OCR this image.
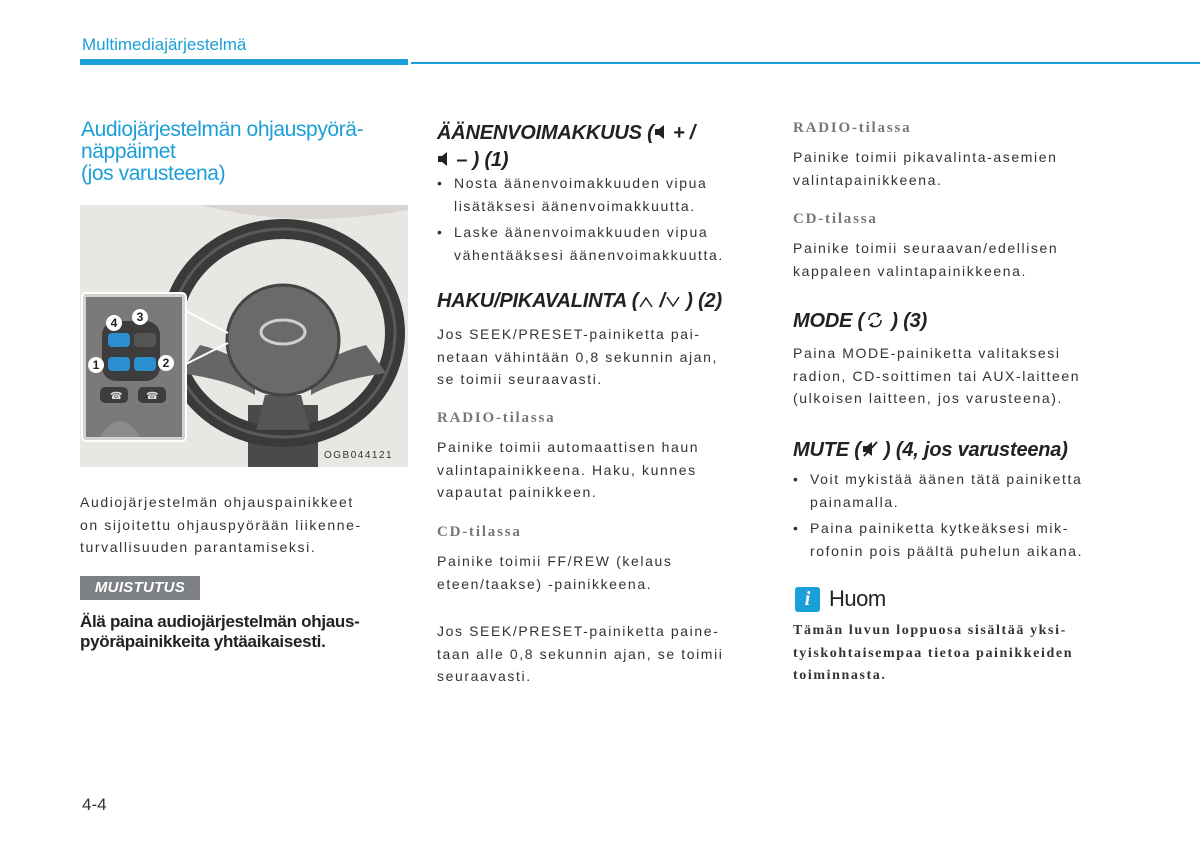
Multimediajärjestelmä
Audiojärjestelmän ohjauspyörä-
näppäimet
(jos varusteena)
☎ ☎
4	3
1	2
OGB044121
Audiojärjestelmän ohjauspainikkeet
on sijoitettu ohjauspyörään liikenne-
turvallisuuden parantamiseksi.
MUISTUTUS
Älä paina audiojärjestelmän ohjaus-
pyöräpainikkeita yhtäaikaisesti.
ÄÄNENVOIMAKKUUS ( + /
– ) (1)
• Nosta äänenvoimakkuuden vipua
lisätäksesi äänenvoimakkuutta.
• Laske äänenvoimakkuuden vipua
vähentääksesi äänenvoimakkuutta.
HAKU/PIKAVALINTA ( / ) (2)
Jos SEEK/PRESET-painiketta pai-
netaan vähintään 0,8 sekunnin ajan,
se toimii seuraavasti.
RADIO-tilassa
Painike toimii automaattisen haun
valintapainikkeena. Haku, kunnes
vapautat painikkeen.
CD-tilassa
Painike toimii FF/REW (kelaus
eteen/taakse) -painikkeena.
Jos SEEK/PRESET-painiketta paine-
taan alle 0,8 sekunnin ajan, se toimii
seuraavasti.
RADIO-tilassa
Painike toimii pikavalinta-asemien
valintapainikkeena.
CD-tilassa
Painike toimii seuraavan/edellisen
kappaleen valintapainikkeena.
MODE ( ) (3)
Paina MODE-painiketta valitaksesi
radion, CD-soittimen tai AUX-laitteen
(ulkoisen laitteen, jos varusteena).
MUTE ( ) (4, jos varusteena)
• Voit mykistää äänen tätä painiketta
painamalla.
• Paina painiketta kytkeäksesi mik-
rofonin pois päältä puhelun aikana.
i Huom
Tämän luvun loppuosa sisältää yksi-
tyiskohtaisempaa tietoa painikkeiden
toiminnasta.
4-4
